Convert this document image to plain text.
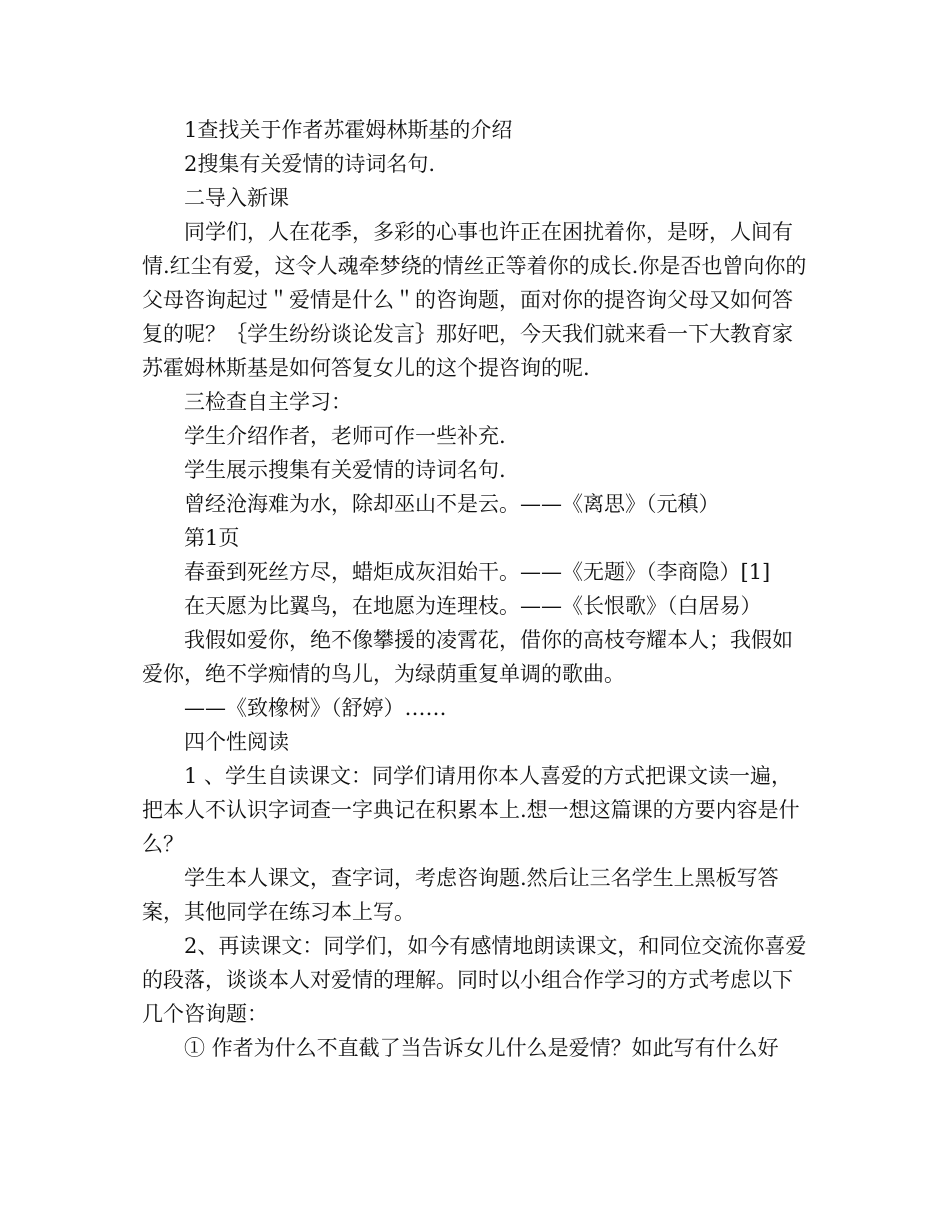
1查找关于作者苏霍姆林斯基的介绍

2搜集有关爱情的诗词名句.

二导入新课

同学们，人在花季，多彩的心事也许正在困扰着你，是呀，人间有情.红尘有爱，这令人魂牵梦绕的情丝正等着你的成长.你是否也曾向你的父母咨询起过＂爱情是什么＂的咨询题，面对你的提咨询父母又如何答复的呢？｛学生纷纷谈论发言｝那好吧，今天我们就来看一下大教育家苏霍姆林斯基是如何答复女儿的这个提咨询的呢.

三检查自主学习：

学生介绍作者，老师可作一些补充.

学生展示搜集有关爱情的诗词名句.

曾经沧海难为水，除却巫山不是云。——《离思》（元稹）

第1页

春蚕到死丝方尽，蜡炬成灰泪始干。——《无题》（李商隐）[1]

在天愿为比翼鸟，在地愿为连理枝。——《长恨歌》（白居易）

我假如爱你，绝不像攀援的凌霄花，借你的高枝夸耀本人；我假如爱你，绝不学痴情的鸟儿，为绿荫重复单调的歌曲。

——《致橡树》（舒婷）……

四个性阅读

1 、学生自读课文：同学们请用你本人喜爱的方式把课文读一遍，把本人不认识字词查一字典记在积累本上.想一想这篇课的方要内容是什么？

学生本人课文，查字词，考虑咨询题.然后让三名学生上黑板写答案，其他同学在练习本上写。

2、再读课文：同学们，如今有感情地朗读课文，和同位交流你喜爱的段落，谈谈本人对爱情的理解。同时以小组合作学习的方式考虑以下几个咨询题：

① 作者为什么不直截了当告诉女儿什么是爱情？如此写有什么好
